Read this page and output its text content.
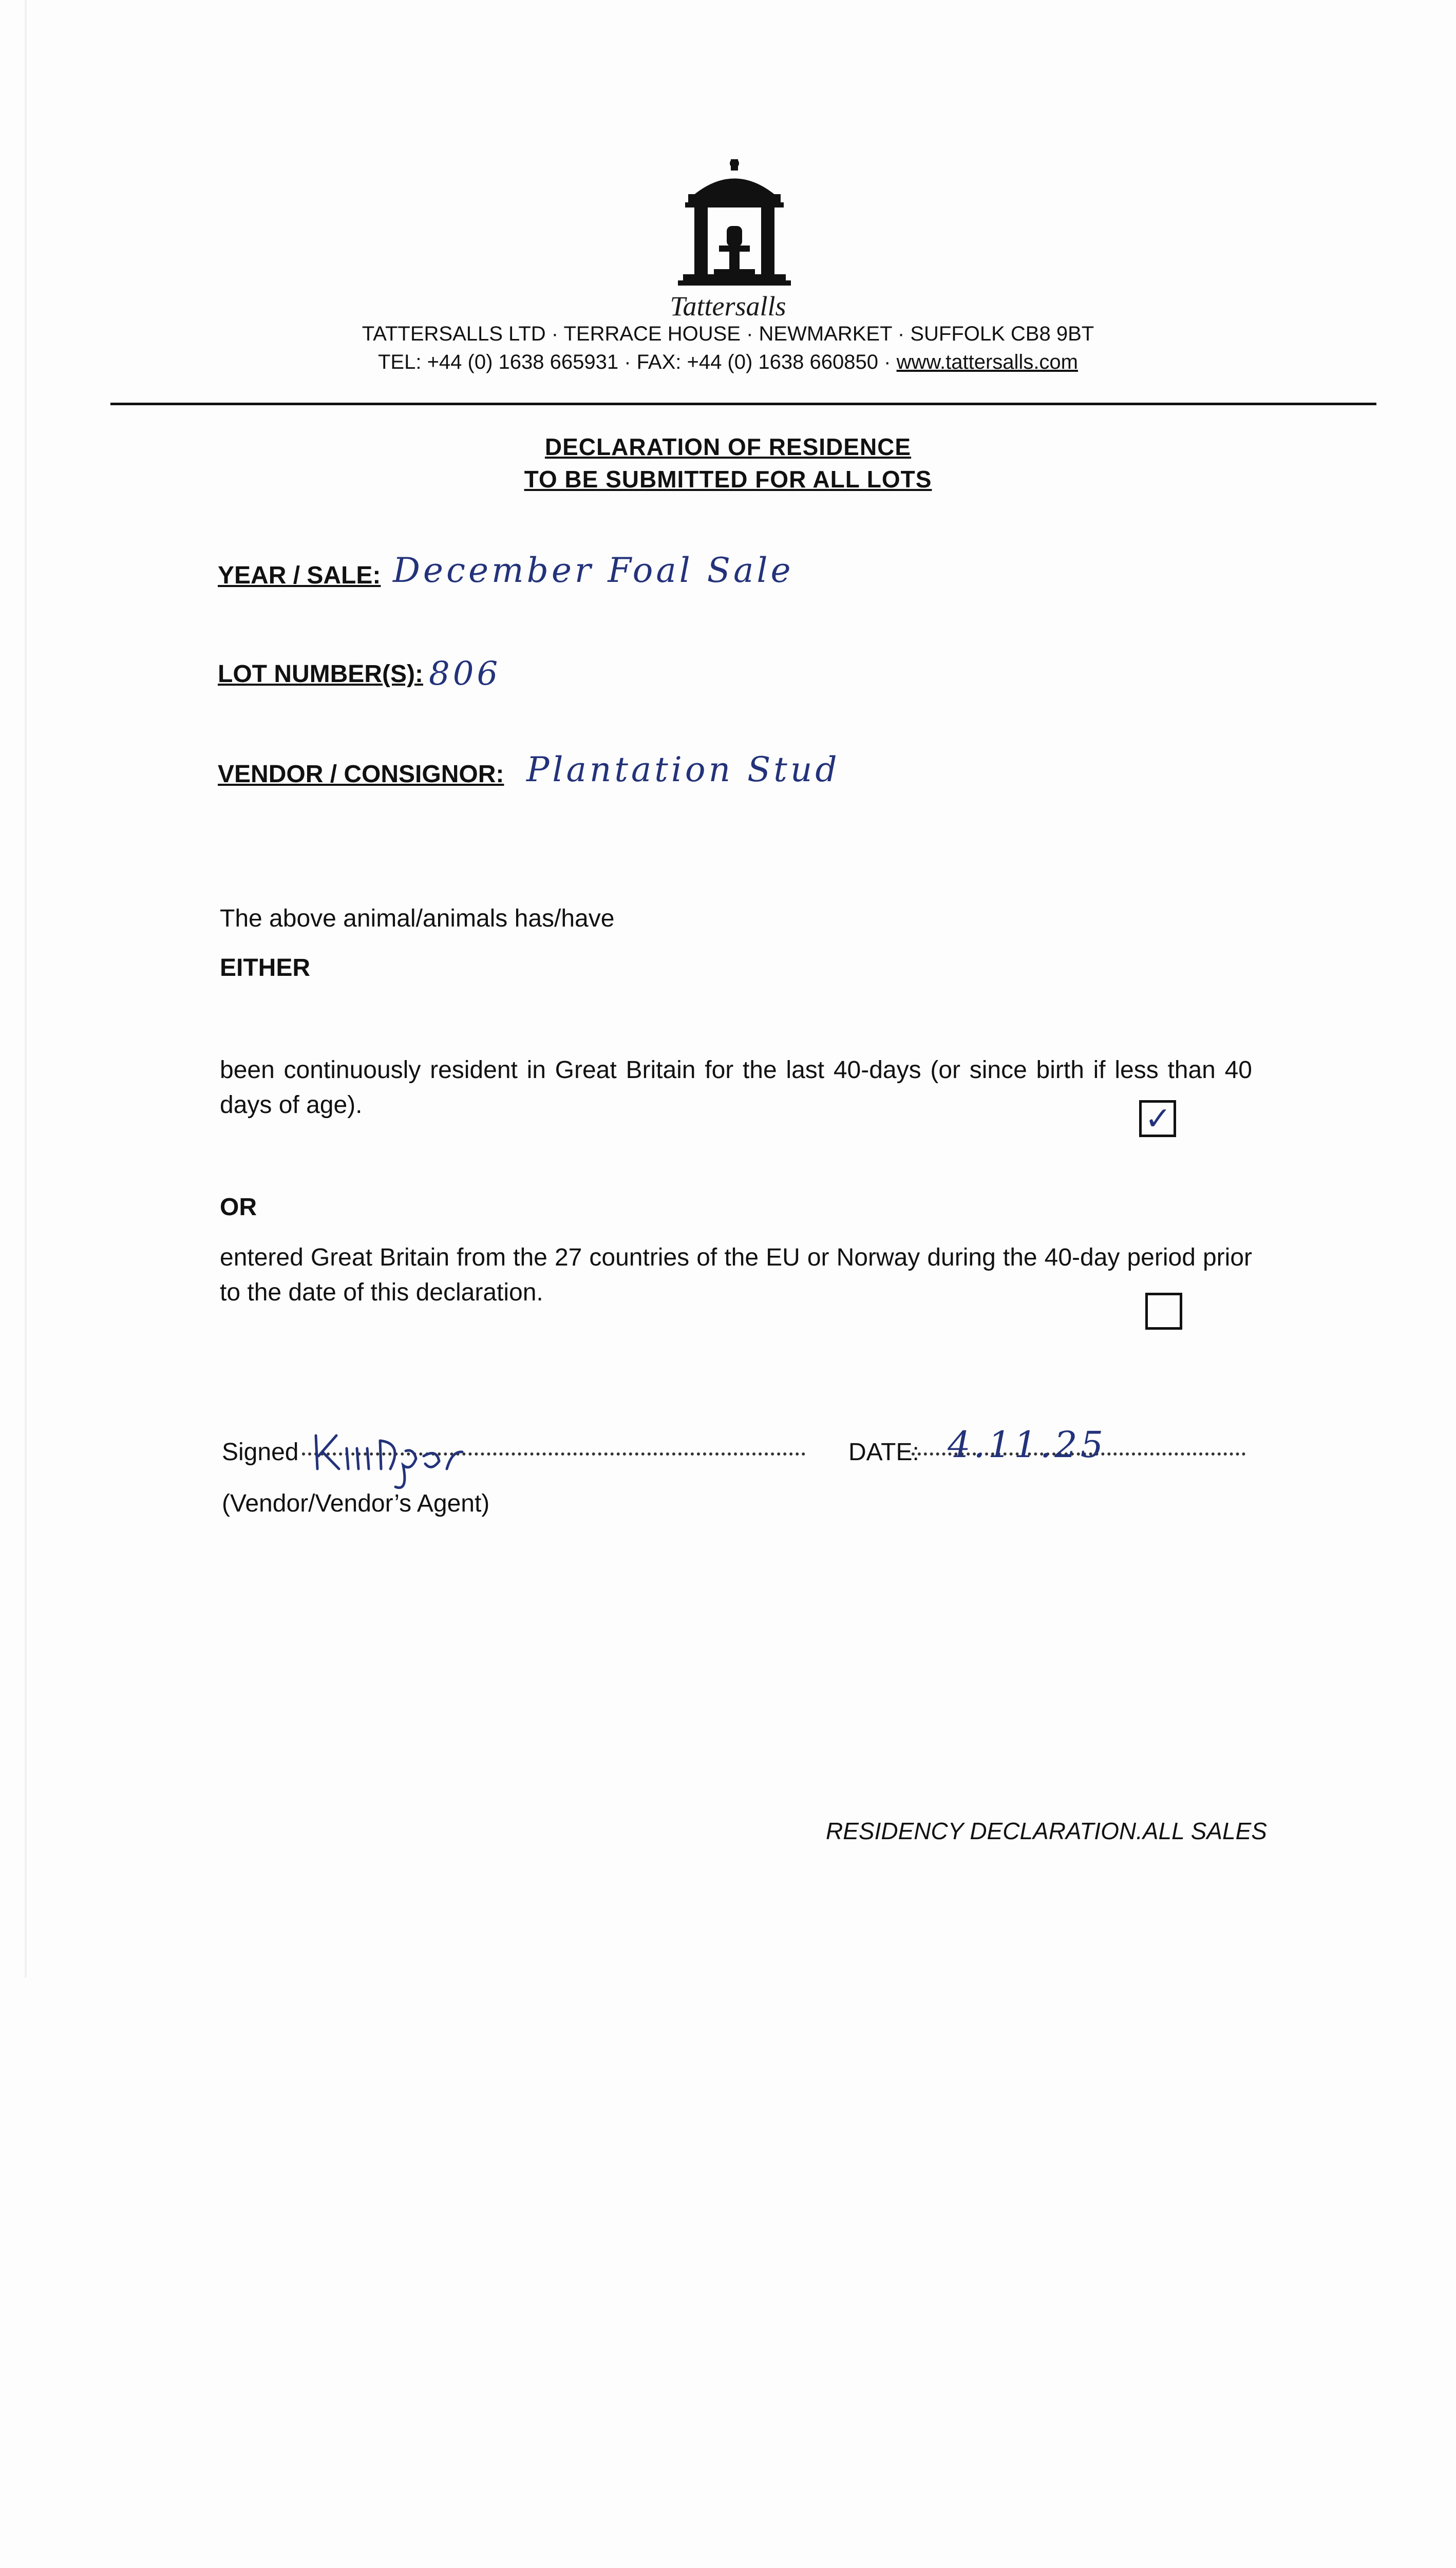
Tattersalls
TATTERSALLS LTD · TERRACE HOUSE · NEWMARKET · SUFFOLK CB8 9BT
TEL: +44 (0) 1638 665931 · FAX: +44 (0) 1638 660850 · www.tattersalls.com
DECLARATION OF RESIDENCE
TO BE SUBMITTED FOR ALL LOTS
YEAR / SALE: December Foal Sale
LOT NUMBER(S): 806
VENDOR / CONSIGNOR: Plantation Stud
The above animal/animals has/have
EITHER
been continuously resident in Great Britain for the last 40-days (or since birth if less than 40 days of age).	✓
OR
entered Great Britain from the 27 countries of the EU or Norway during the 40-day period prior to the date of this declaration.
Signed	DATE: 4.11.25
(Vendor/Vendor’s Agent)
RESIDENCY DECLARATION.ALL SALES
